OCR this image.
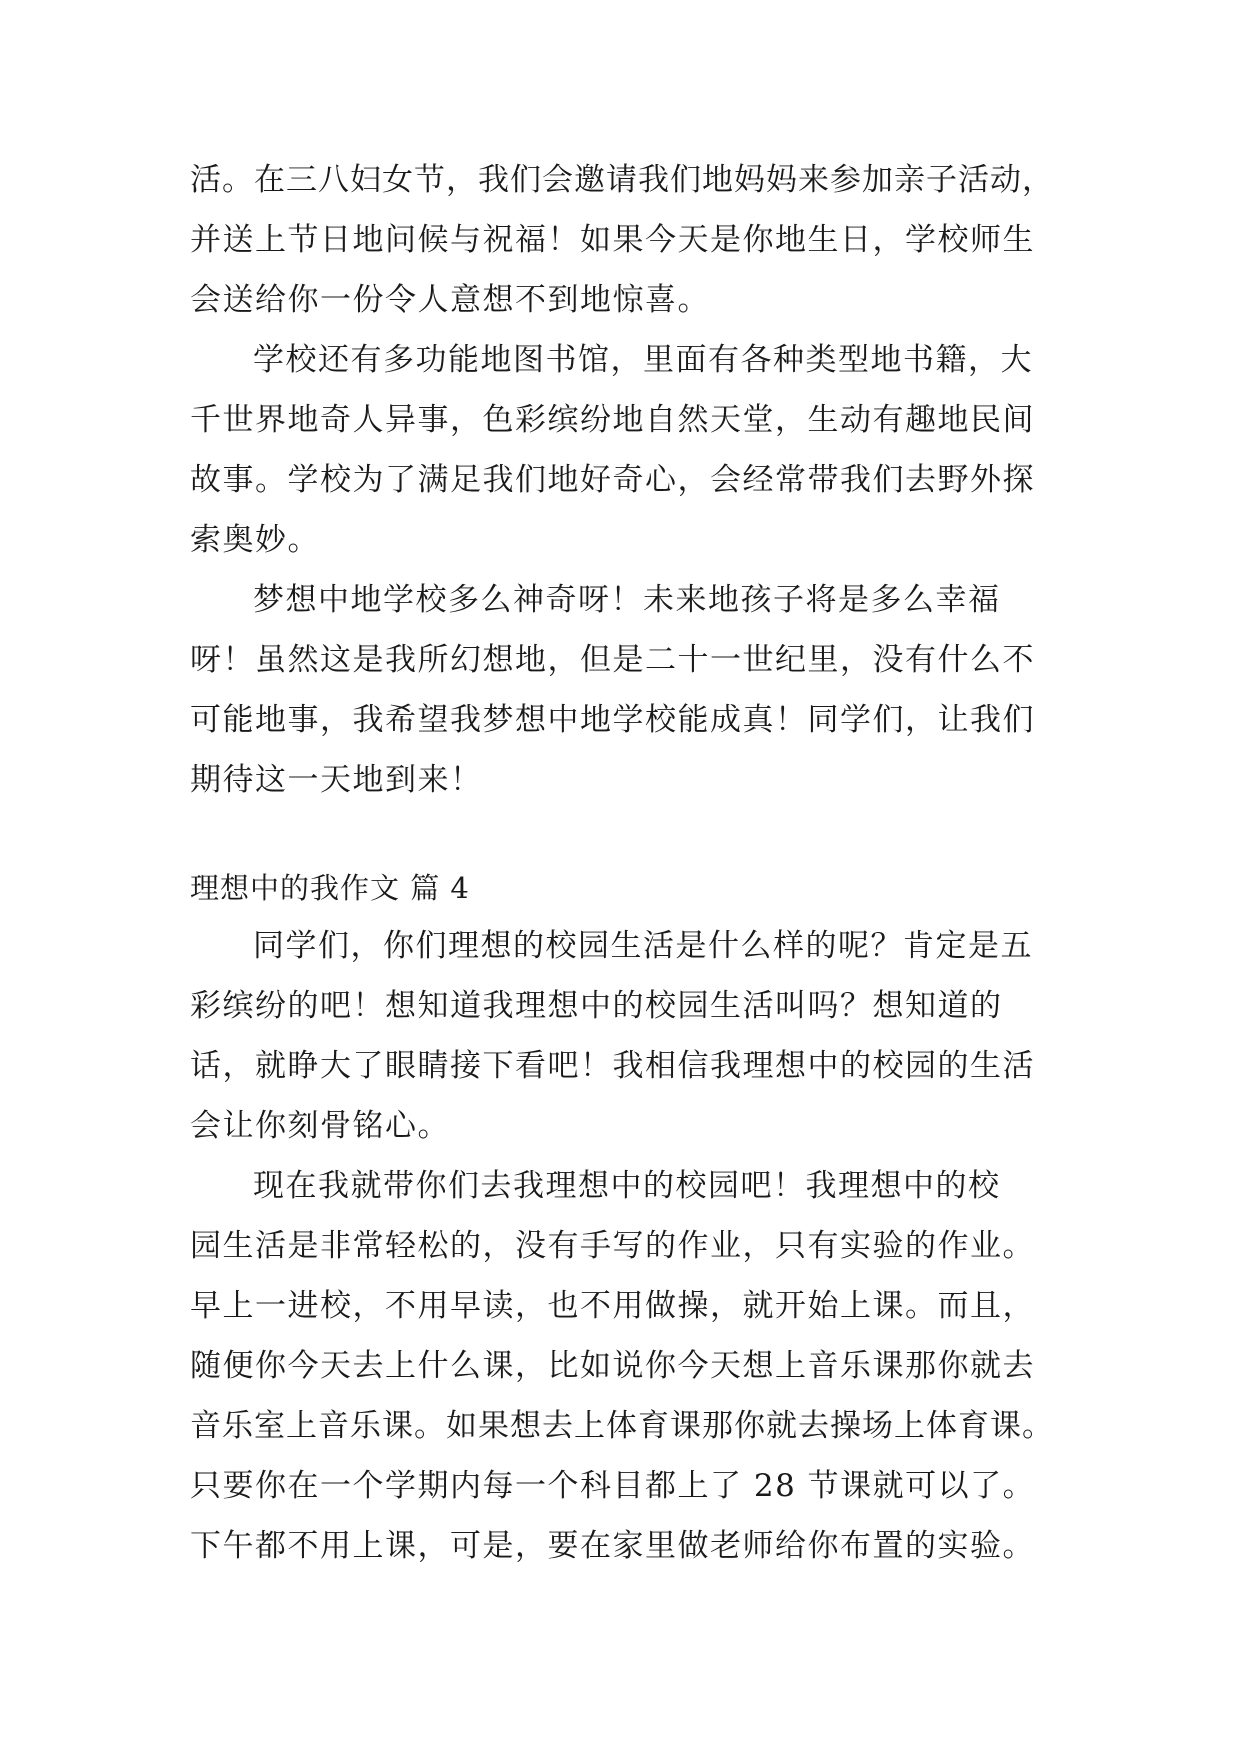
活。在三八妇女节，我们会邀请我们地妈妈来参加亲子活动，
并送上节日地问候与祝福！如果今天是你地生日，学校师生
会送给你一份令人意想不到地惊喜。
学校还有多功能地图书馆，里面有各种类型地书籍，大
千世界地奇人异事，色彩缤纷地自然天堂，生动有趣地民间
故事。学校为了满足我们地好奇心，会经常带我们去野外探
索奥妙。
梦想中地学校多么神奇呀！未来地孩子将是多么幸福
呀！虽然这是我所幻想地，但是二十一世纪里，没有什么不
可能地事，我希望我梦想中地学校能成真！同学们，让我们
期待这一天地到来！
理想中的我作文 篇 4
同学们，你们理想的校园生活是什么样的呢？肯定是五
彩缤纷的吧！想知道我理想中的校园生活叫吗？想知道的
话，就睁大了眼睛接下看吧！我相信我理想中的校园的生活
会让你刻骨铭心。
现在我就带你们去我理想中的校园吧！我理想中的校
园生活是非常轻松的，没有手写的作业，只有实验的作业。
早上一进校，不用早读，也不用做操，就开始上课。而且，
随便你今天去上什么课，比如说你今天想上音乐课那你就去
音乐室上音乐课。如果想去上体育课那你就去操场上体育课。
只要你在一个学期内每一个科目都上了 28 节课就可以了。
下午都不用上课，可是，要在家里做老师给你布置的实验。
